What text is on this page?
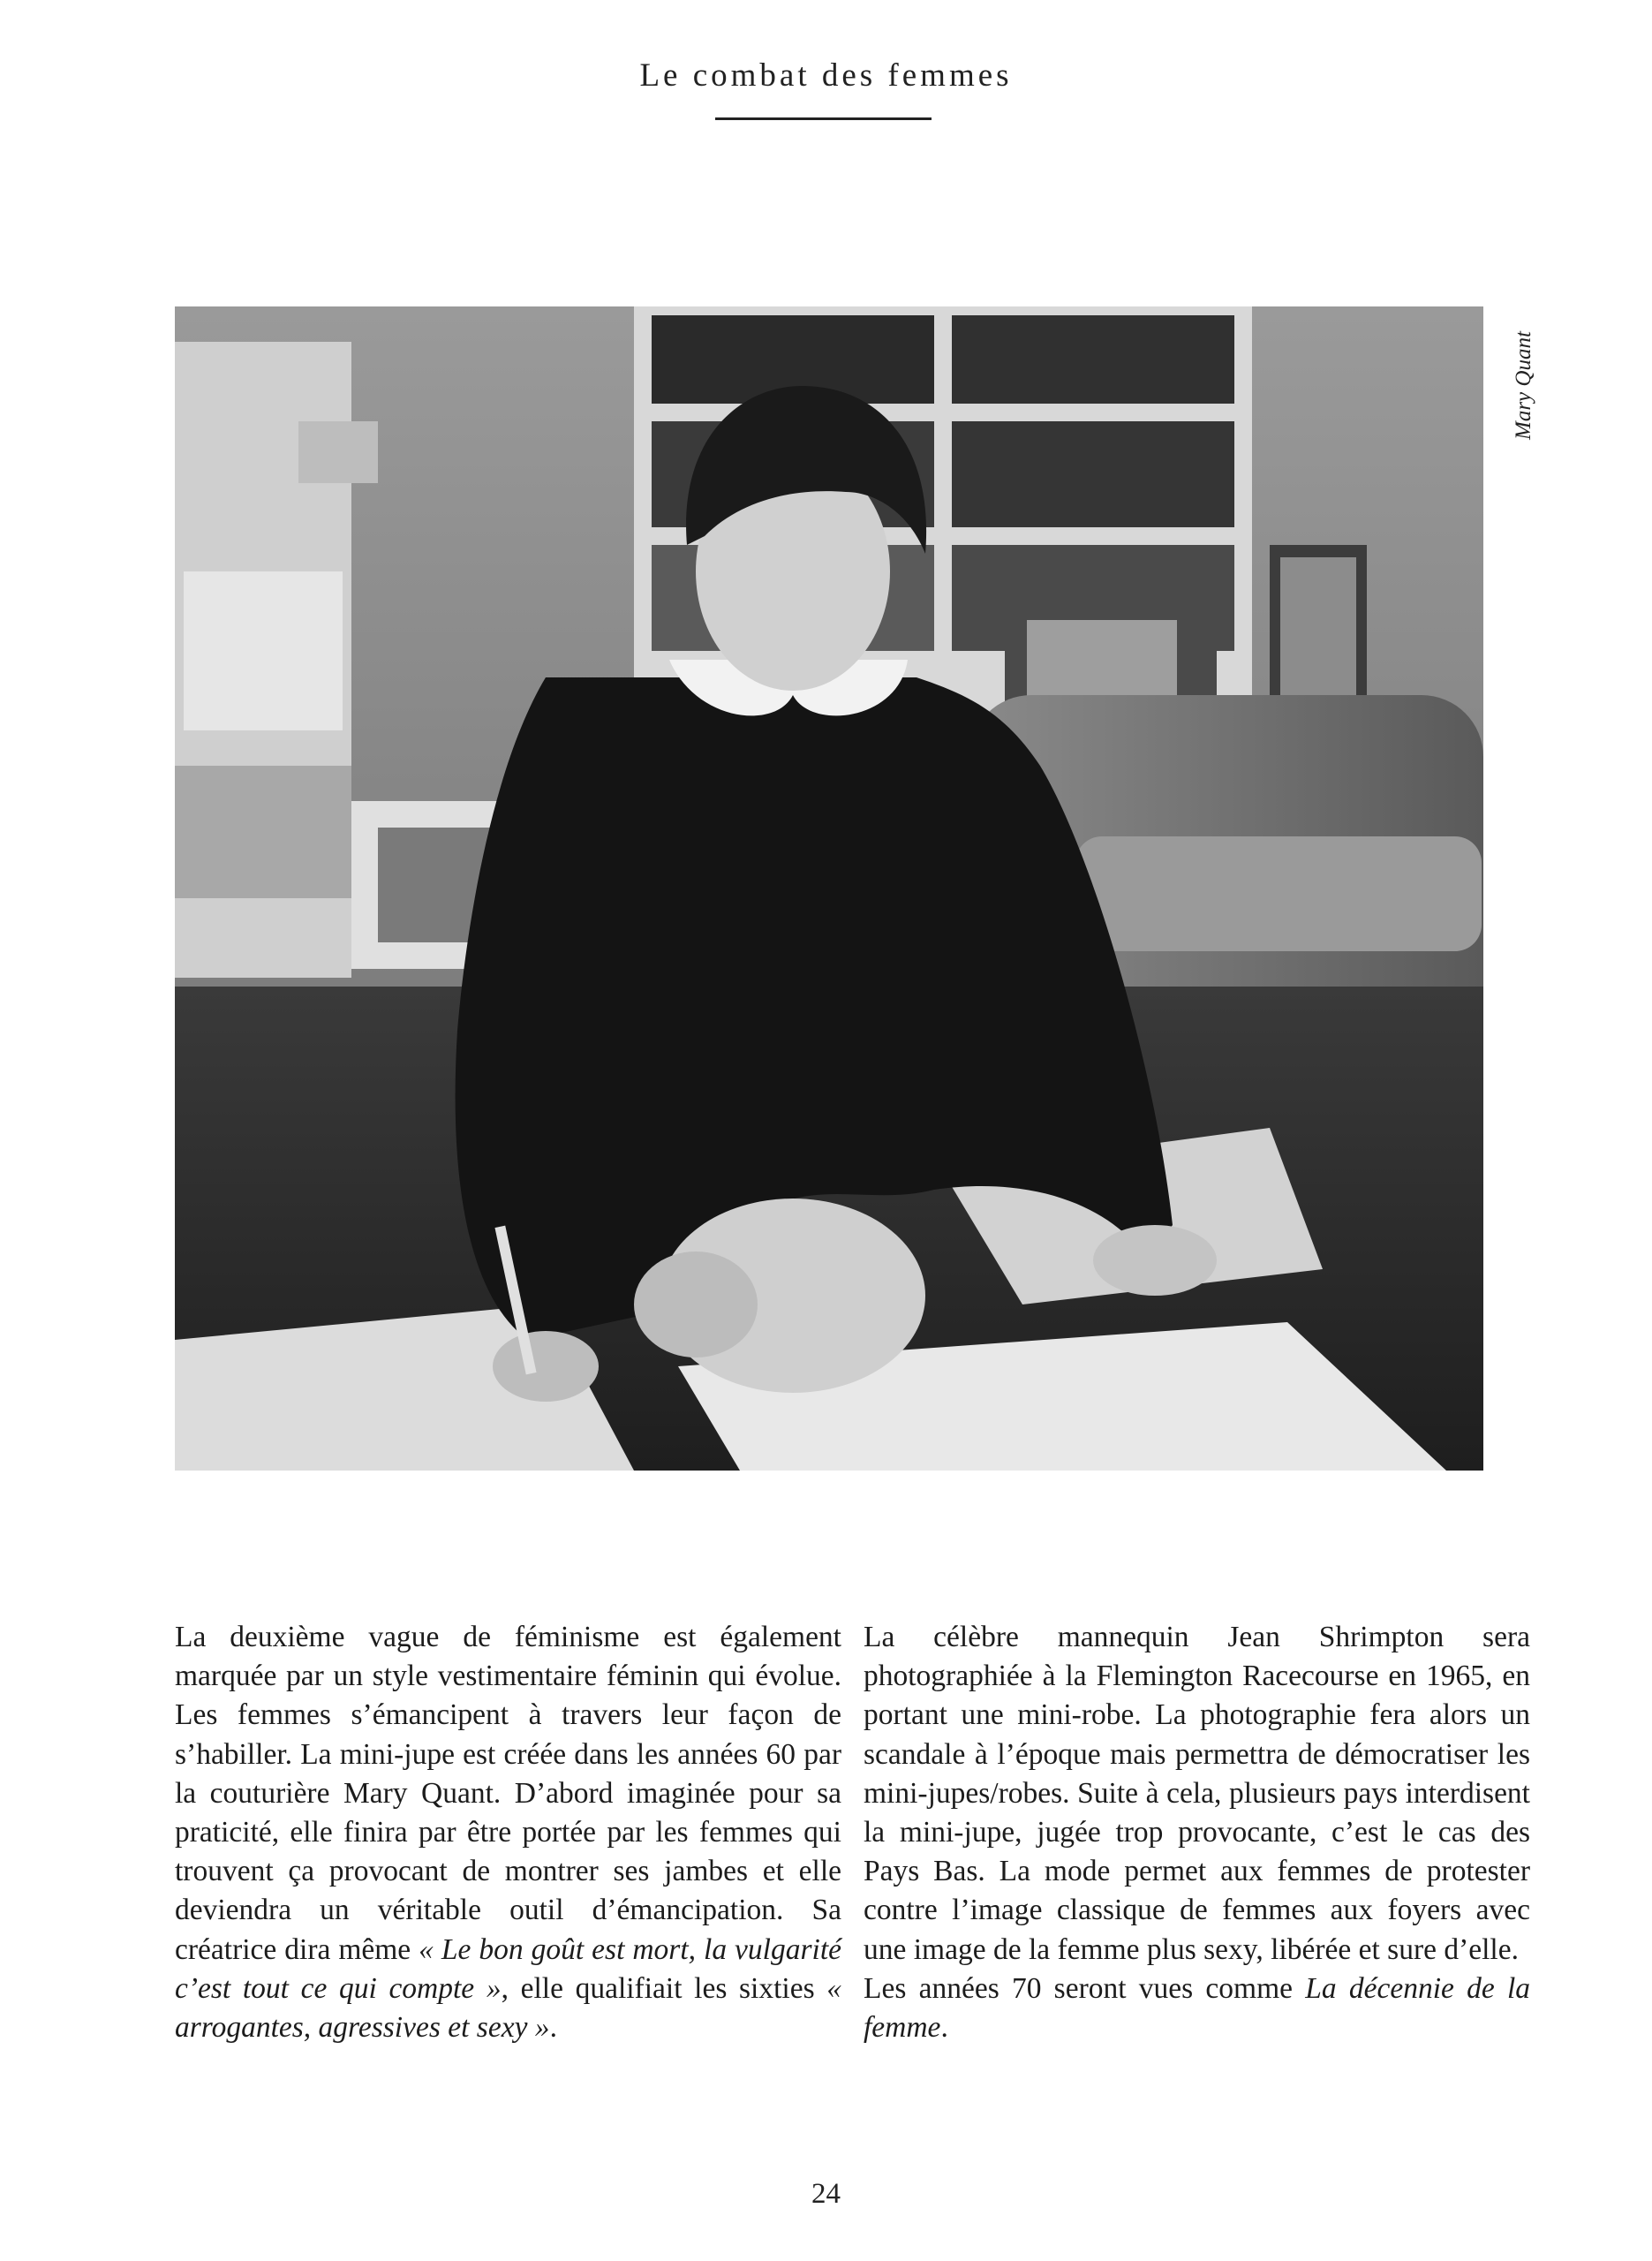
Le combat des femmes
Mary Quant

La deuxième vague de féminisme est également marquée par un style vestimentaire féminin qui évolue. Les femmes s’émancipent à travers leur façon de s’habiller. La mini-jupe est créée dans les années 60 par la couturière Mary Quant. D’abord imaginée pour sa praticité, elle finira par être portée par les femmes qui trouvent ça provocant de montrer ses jambes et elle deviendra un véritable outil d’émancipation. Sa créatrice dira même « Le bon goût est mort, la vulgarité c’est tout ce qui compte », elle qualifiait les sixties « arrogantes, agressives et sexy ».

La célèbre mannequin Jean Shrimpton sera photographiée à la Flemington Racecourse en 1965, en portant une mini-robe. La photographie fera alors un scandale à l’époque mais permettra de démocratiser les mini-jupes/robes. Suite à cela, plusieurs pays interdisent la mini-jupe, jugée trop provocante, c’est le cas des Pays Bas. La mode permet aux femmes de protester contre l’image classique de femmes aux foyers avec une image de la femme plus sexy, libérée et sure d’elle.

Les années 70 seront vues comme La décennie de la femme.

24
